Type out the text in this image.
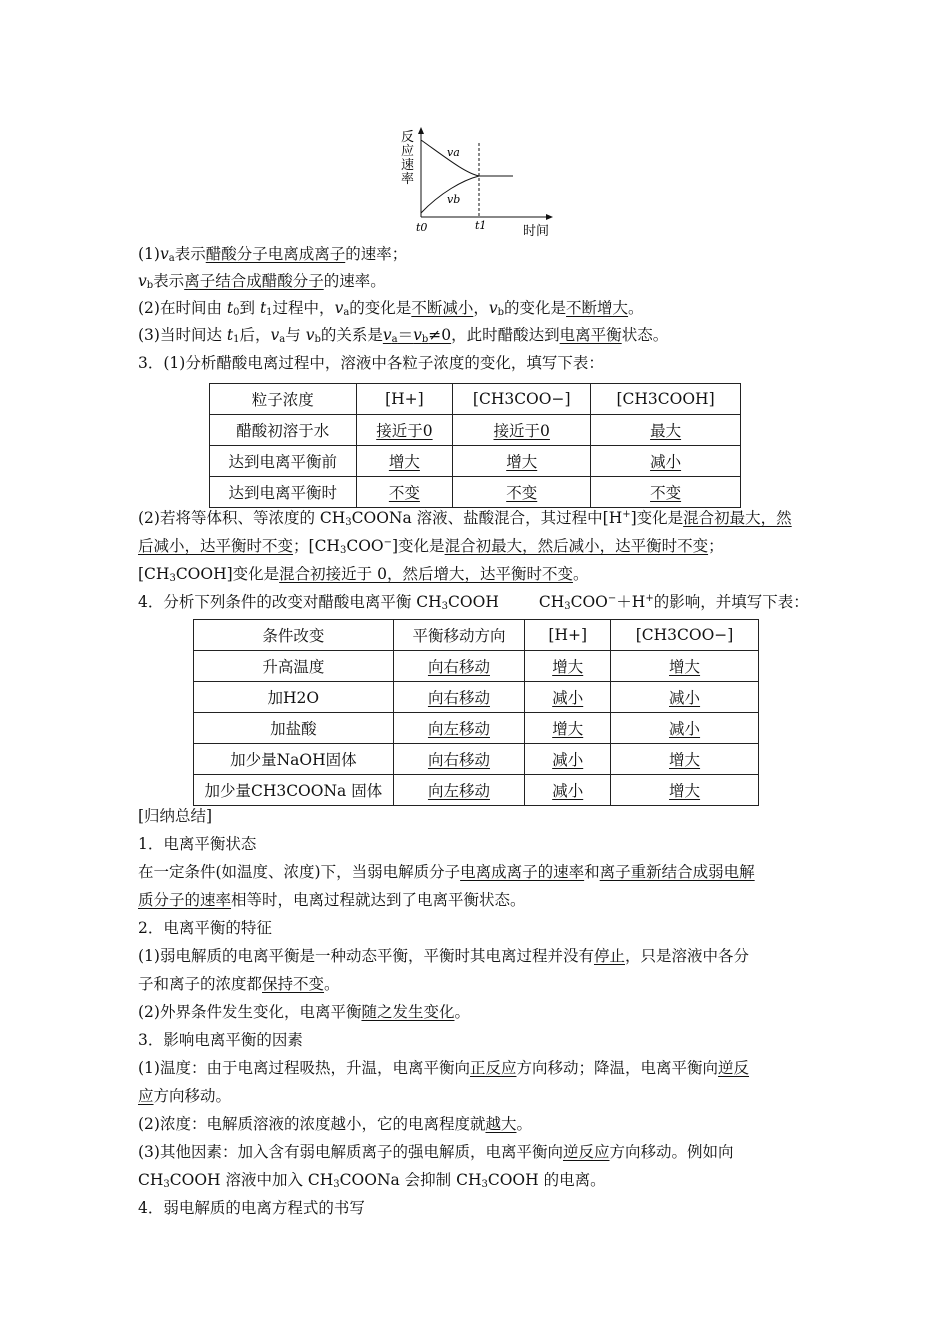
反
应
速
率
va
vb
t0	t1	时间
$(1)v_a$表示醋酸分子电离成离子的速率；
$v_b$表示离子结合成醋酸分子的速率。
(2)在时间由 $t_0$到 $t_1$过程中，$v_a$的变化是不断减小，$v_b$的变化是不断增大。
(3)当时间达 $t_1$后，$v_a$与 $v_b$的关系是$v_a=v_b\ne 0$，此时醋酸达到电离平衡状态。
3．(1)分析醋酸电离过程中，溶液中各粒子浓度的变化，填写下表：
粒子浓度	[H+]	[CH3COO−]	[CH3COOH]
醋酸初溶于水	接近于0	接近于0	最大
达到电离平衡前	增大	增大	减小
达到电离平衡时	不变	不变	不变
(2)若将等体积、等浓度的 $CH_3COONa$ 溶液、盐酸混合，其过程中[H+]变化是混合初最大，然
后减小，达平衡时不变；$[CH_3COO^-]$变化是混合初最大，然后减小，达平衡时不变；
$[CH_3COOH]$变化是混合初接近于 0，然后增大，达平衡时不变。
4．分析下列条件的改变对醋酸电离平衡 $CH_3COOH$	$CH_3COO^-+H^+$的影响，并填写下表：
条件改变	平衡移动方向	[H+]	[CH3COO−]
升高温度	向右移动	增大	增大
加H2O	向右移动	减小	减小
加盐酸	向左移动	增大	减小
加少量NaOH固体	向右移动	减小	增大
加少量CH3COONa 固体	向左移动	减小	增大
[归纳总结]
1．电离平衡状态
在一定条件(如温度、浓度)下，当弱电解质分子电离成离子的速率和离子重新结合成弱电解
质分子的速率相等时，电离过程就达到了电离平衡状态。
2．电离平衡的特征
(1)弱电解质的电离平衡是一种动态平衡，平衡时其电离过程并没有停止，只是溶液中各分
子和离子的浓度都保持不变。
(2)外界条件发生变化，电离平衡随之发生变化。
3．影响电离平衡的因素
(1)温度：由于电离过程吸热，升温，电离平衡向正反应方向移动；降温，电离平衡向逆反
应方向移动。
(2)浓度：电解质溶液的浓度越小，它的电离程度就越大。
(3)其他因素：加入含有弱电解质离子的强电解质，电离平衡向逆反应方向移动。例如向
$CH_3COOH$ 溶液中加入 $CH_3COONa$ 会抑制 $CH_3COOH$ 的电离。
4．弱电解质的电离方程式的书写
